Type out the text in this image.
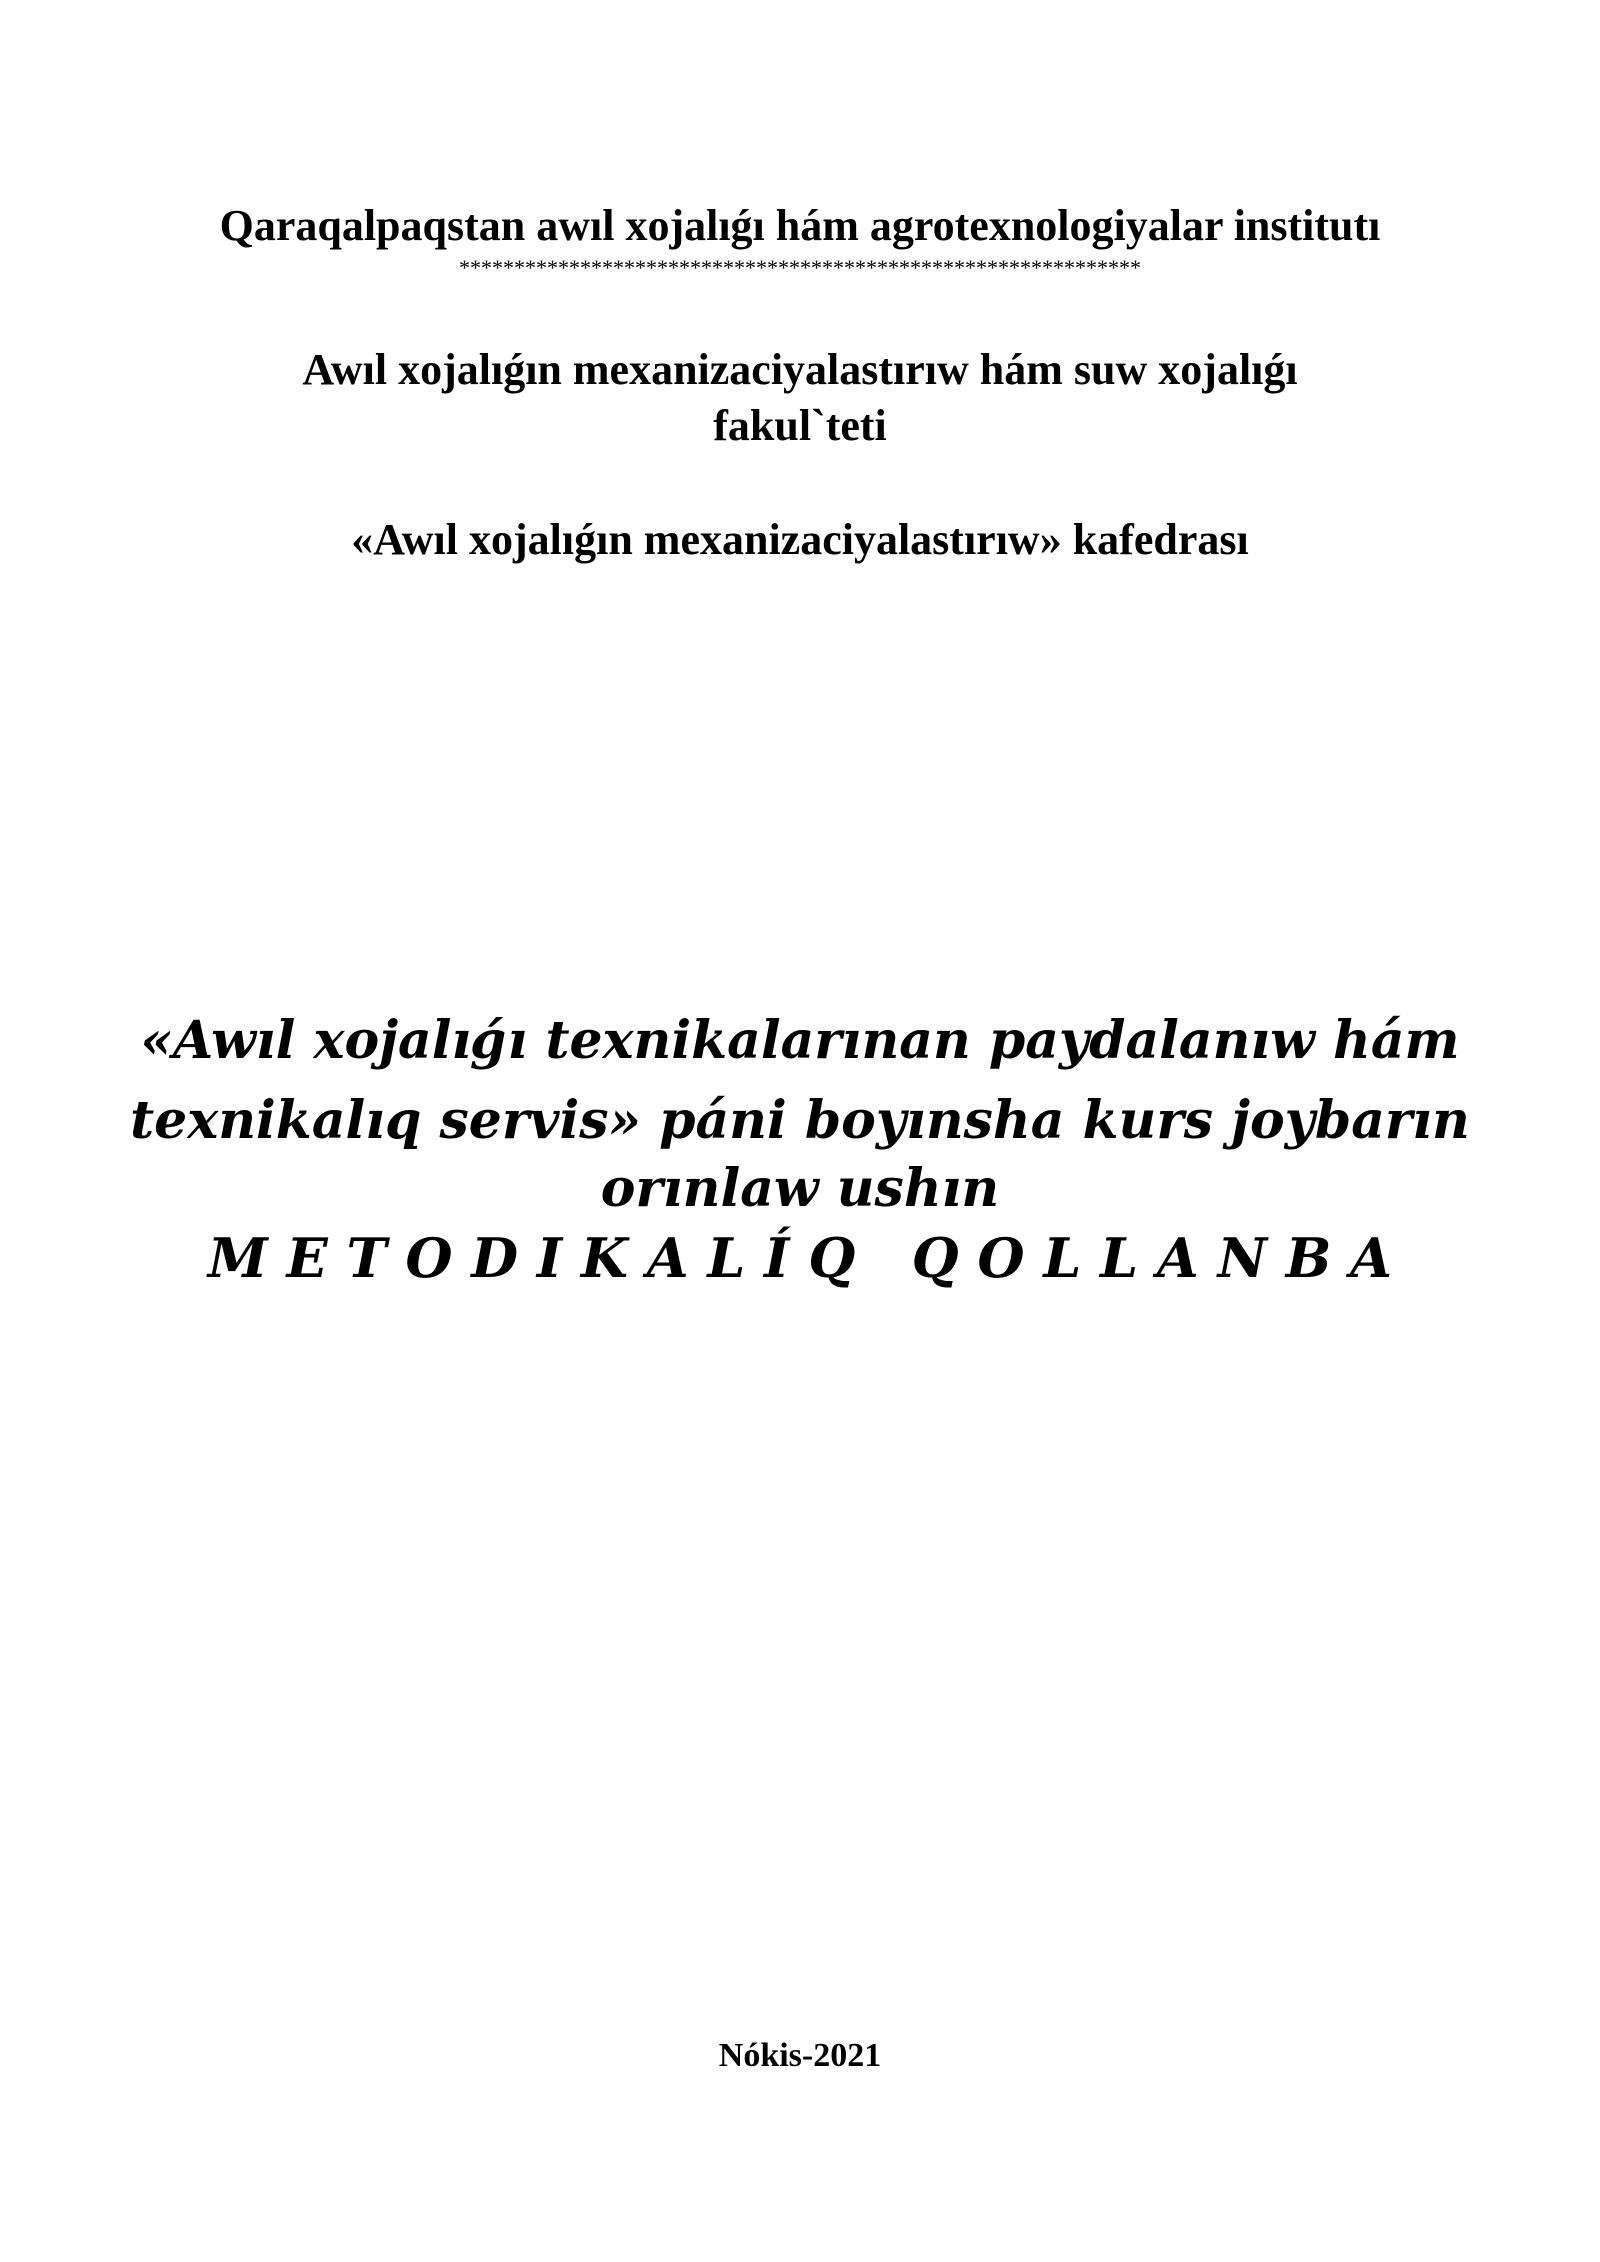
Qaraqalpaqstan awıl xojalıǵı hám agrotexnologiyalar institutı

**************************************************************

Awıl xojalıǵın mexanizaciyalastırıw hám suw xojalıǵı

fakul`teti

«Awıl xojalıǵın mexanizaciyalastırıw» kafedrası

«Awıl xojalıǵı texnikalarınan paydalanıw hám

texnikalıq servis» páni boyınsha kurs joybarın

orınlaw ushın

M E T O D I K A L Í Q   Q O L L A N B A

Nókis-2021
